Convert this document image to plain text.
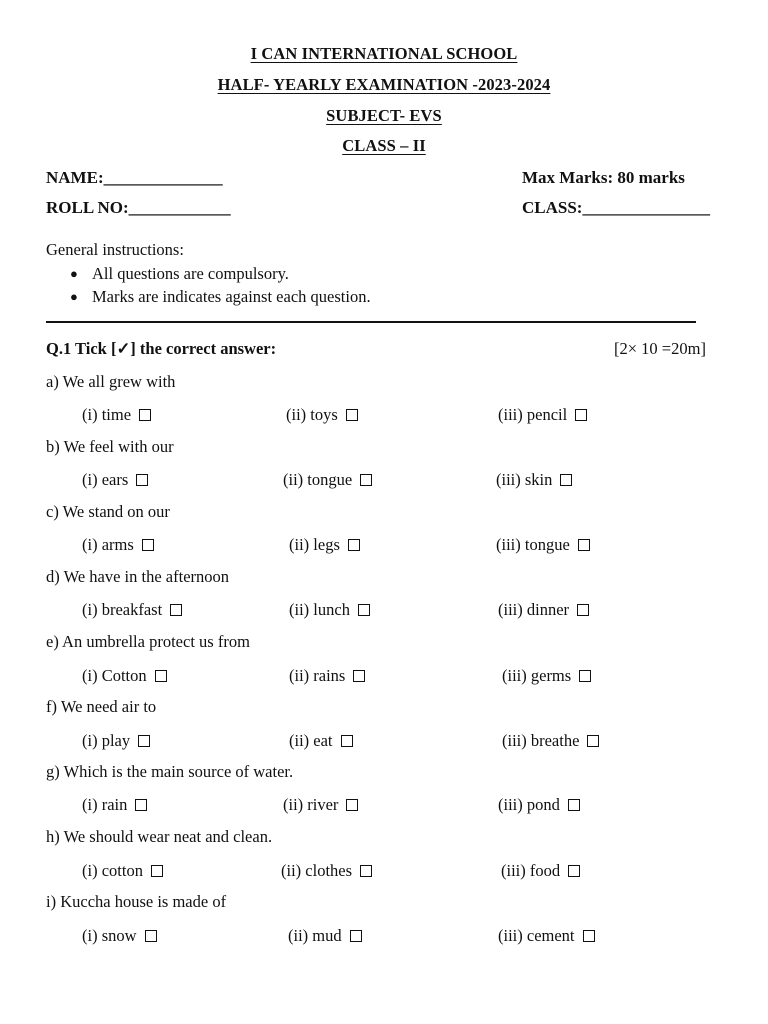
I CAN INTERNATIONAL SCHOOL
HALF- YEARLY EXAMINATION -2023-2024
SUBJECT- EVS
CLASS – II
NAME:______________	Max Marks: 80 marks
ROLL NO:____________	CLASS:_______________
General instructions:
● All questions are compulsory.
● Marks are indicates against each question.
Q.1 Tick [✓] the correct answer:	[2× 10 =20m]
a) We all grew with
(i) time	(ii) toys	(iii) pencil
b) We feel with our
(i) ears	(ii) tongue	(iii) skin
c) We stand on our
(i) arms	(ii) legs	(iii) tongue
d) We have in the afternoon
(i) breakfast	(ii) lunch	(iii) dinner
e) An umbrella protect us from
(i) Cotton	(ii) rains	(iii) germs
f) We need air to
(i) play	(ii) eat	(iii) breathe
g) Which is the main source of water.
(i) rain	(ii) river	(iii) pond
h) We should wear neat and clean.
(i) cotton	(ii) clothes	(iii) food
i) Kuccha house is made of
(i) snow	(ii) mud	(iii) cement
